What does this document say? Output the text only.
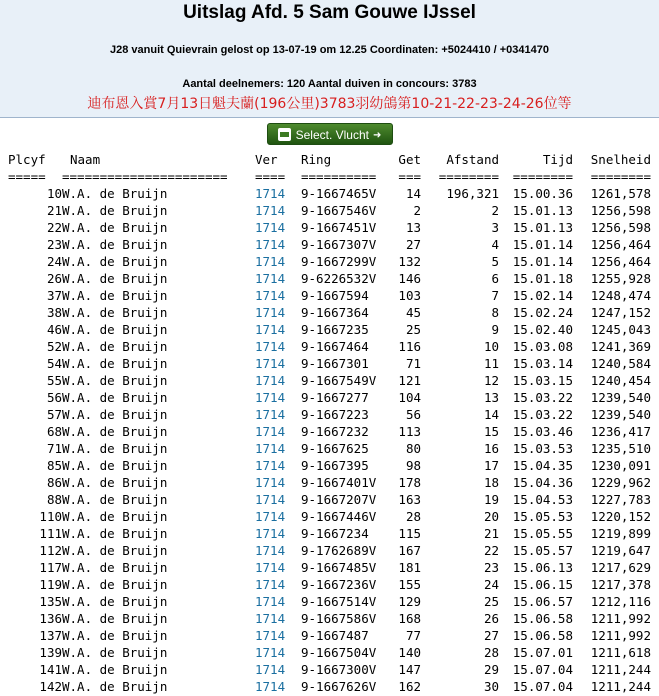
Uitslag Afd. 5 Sam Gouwe IJssel
J28 vanuit Quievrain gelost op 13-07-19 om 12.25 Coordinaten: +5024410 / +0341470
Aantal deelnemers: 120 Aantal duiven in concours: 3783
迪布恩入賞7月13日魁夫蘭(196公里)3783羽幼鴿第10-21-22-23-24-26位等
Select. Vlucht ➜
Plcyf	Naam	Ver	Ring	Get	Afstand	Tijd	Snelheid
=====	======================	====	==========	===	========	========	========
10	W.A. de Bruijn	1714	9-1667465V	14	196,321	15.00.36	1261,578
21	W.A. de Bruijn	1714	9-1667546V	2	2	15.01.13	1256,598
22	W.A. de Bruijn	1714	9-1667451V	13	3	15.01.13	1256,598
23	W.A. de Bruijn	1714	9-1667307V	27	4	15.01.14	1256,464
24	W.A. de Bruijn	1714	9-1667299V	132	5	15.01.14	1256,464
26	W.A. de Bruijn	1714	9-6226532V	146	6	15.01.18	1255,928
37	W.A. de Bruijn	1714	9-1667594	103	7	15.02.14	1248,474
38	W.A. de Bruijn	1714	9-1667364	45	8	15.02.24	1247,152
46	W.A. de Bruijn	1714	9-1667235	25	9	15.02.40	1245,043
52	W.A. de Bruijn	1714	9-1667464	116	10	15.03.08	1241,369
54	W.A. de Bruijn	1714	9-1667301	71	11	15.03.14	1240,584
55	W.A. de Bruijn	1714	9-1667549V	121	12	15.03.15	1240,454
56	W.A. de Bruijn	1714	9-1667277	104	13	15.03.22	1239,540
57	W.A. de Bruijn	1714	9-1667223	56	14	15.03.22	1239,540
68	W.A. de Bruijn	1714	9-1667232	113	15	15.03.46	1236,417
71	W.A. de Bruijn	1714	9-1667625	80	16	15.03.53	1235,510
85	W.A. de Bruijn	1714	9-1667395	98	17	15.04.35	1230,091
86	W.A. de Bruijn	1714	9-1667401V	178	18	15.04.36	1229,962
88	W.A. de Bruijn	1714	9-1667207V	163	19	15.04.53	1227,783
110	W.A. de Bruijn	1714	9-1667446V	28	20	15.05.53	1220,152
111	W.A. de Bruijn	1714	9-1667234	115	21	15.05.55	1219,899
112	W.A. de Bruijn	1714	9-1762689V	167	22	15.05.57	1219,647
117	W.A. de Bruijn	1714	9-1667485V	181	23	15.06.13	1217,629
119	W.A. de Bruijn	1714	9-1667236V	155	24	15.06.15	1217,378
135	W.A. de Bruijn	1714	9-1667514V	129	25	15.06.57	1212,116
136	W.A. de Bruijn	1714	9-1667586V	168	26	15.06.58	1211,992
137	W.A. de Bruijn	1714	9-1667487	77	27	15.06.58	1211,992
139	W.A. de Bruijn	1714	9-1667504V	140	28	15.07.01	1211,618
141	W.A. de Bruijn	1714	9-1667300V	147	29	15.07.04	1211,244
142	W.A. de Bruijn	1714	9-1667626V	162	30	15.07.04	1211,244
